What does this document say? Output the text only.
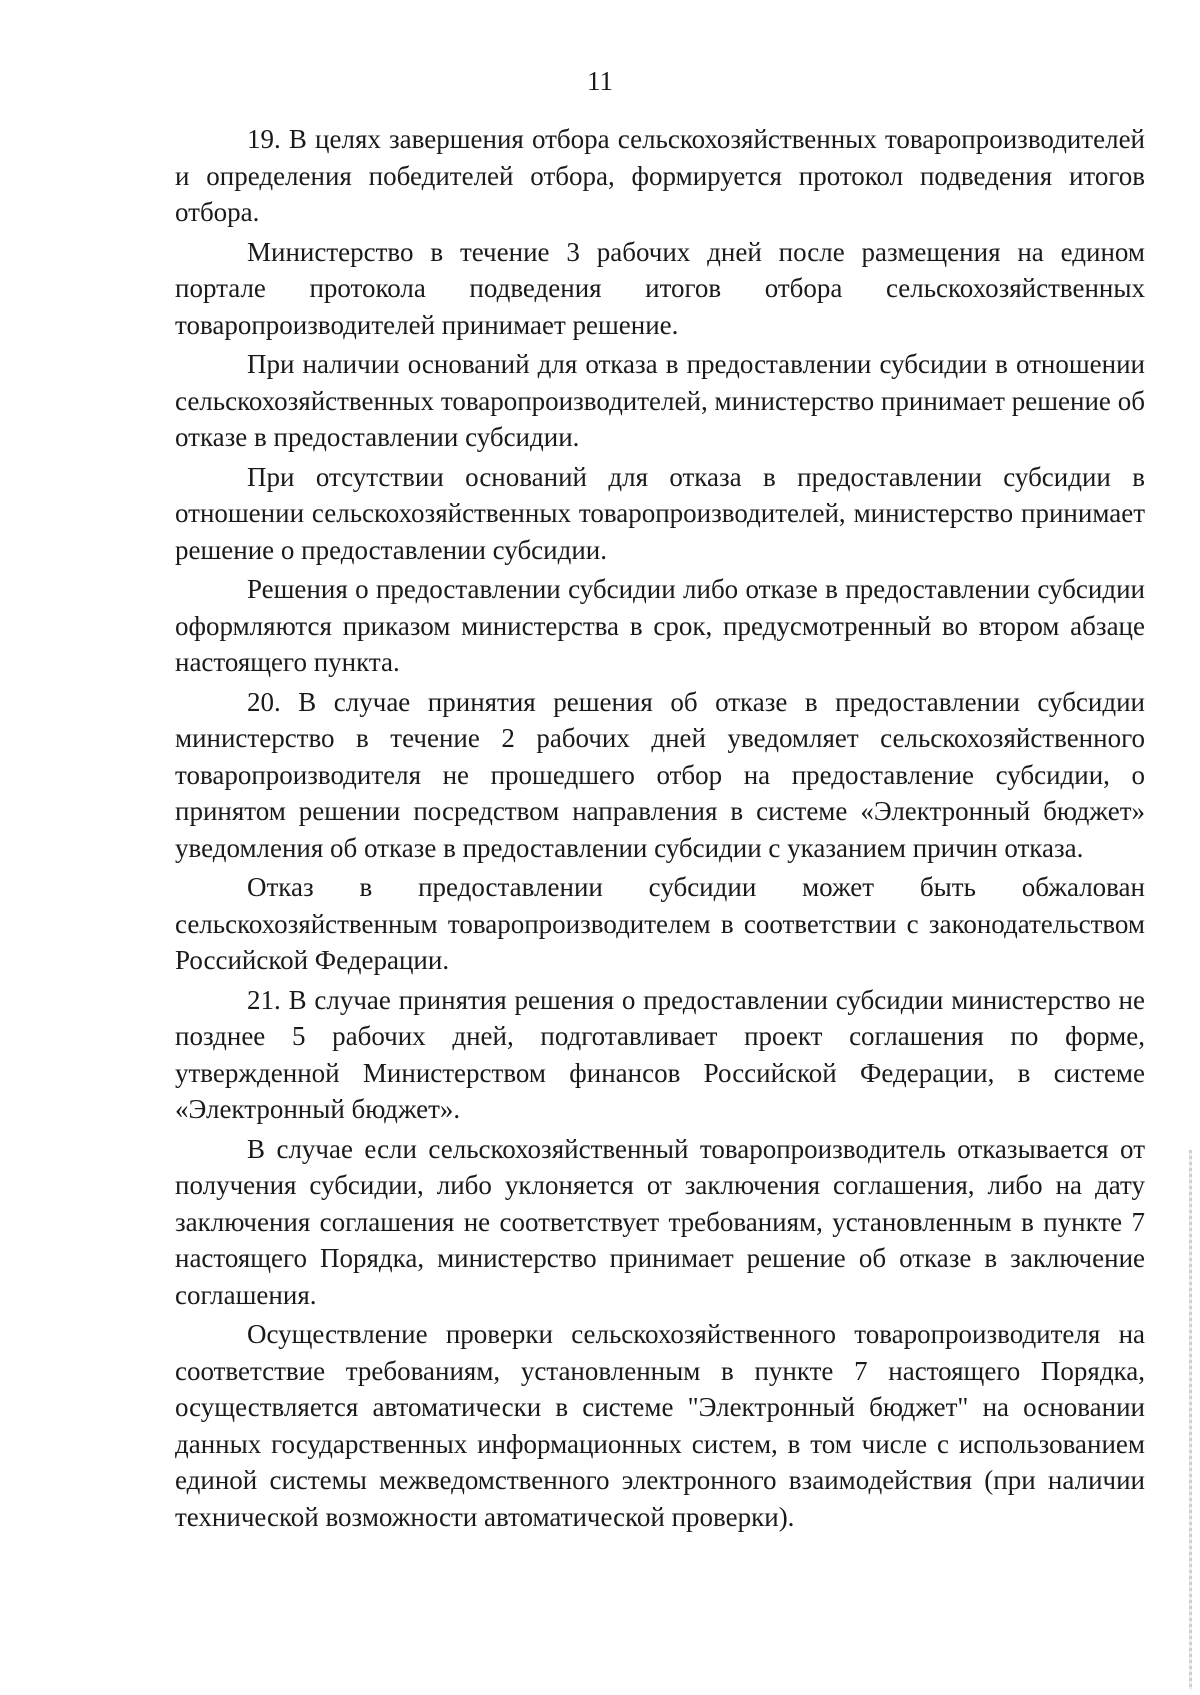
11

19. В целях завершения отбора сельскохозяйственных товаропроизводителей и определения победителей отбора, формируется протокол подведения итогов отбора.

Министерство в течение 3 рабочих дней после размещения на едином портале протокола подведения итогов отбора сельскохозяйственных товаропроизводителей принимает решение.

При наличии оснований для отказа в предоставлении субсидии в отношении сельскохозяйственных товаропроизводителей, министерство принимает решение об отказе в предоставлении субсидии.

При отсутствии оснований для отказа в предоставлении субсидии в отношении сельскохозяйственных товаропроизводителей, министерство принимает решение о предоставлении субсидии.

Решения о предоставлении субсидии либо отказе в предоставлении субсидии оформляются приказом министерства в срок, предусмотренный во втором абзаце настоящего пункта.

20. В случае принятия решения об отказе в предоставлении субсидии министерство в течение 2 рабочих дней уведомляет сельскохозяйственного товаропроизводителя не прошедшего отбор на предоставление субсидии, о принятом решении посредством направления в системе «Электронный бюджет» уведомления об отказе в предоставлении субсидии с указанием причин отказа.

Отказ в предоставлении субсидии может быть обжалован сельскохозяйственным товаропроизводителем в соответствии с законодательством Российской Федерации.

21. В случае принятия решения о предоставлении субсидии министерство не позднее 5 рабочих дней, подготавливает проект соглашения по форме, утвержденной Министерством финансов Российской Федерации, в системе «Электронный бюджет».

В случае если сельскохозяйственный товаропроизводитель отказывается от получения субсидии, либо уклоняется от заключения соглашения, либо на дату заключения соглашения не соответствует требованиям, установленным в пункте 7 настоящего Порядка, министерство принимает решение об отказе в заключение соглашения.

Осуществление проверки сельскохозяйственного товаропроизводителя на соответствие требованиям, установленным в пункте 7 настоящего Порядка, осуществляется автоматически в системе "Электронный бюджет" на основании данных государственных информационных систем, в том числе с использованием единой системы межведомственного электронного взаимодействия (при наличии технической возможности автоматической проверки).
